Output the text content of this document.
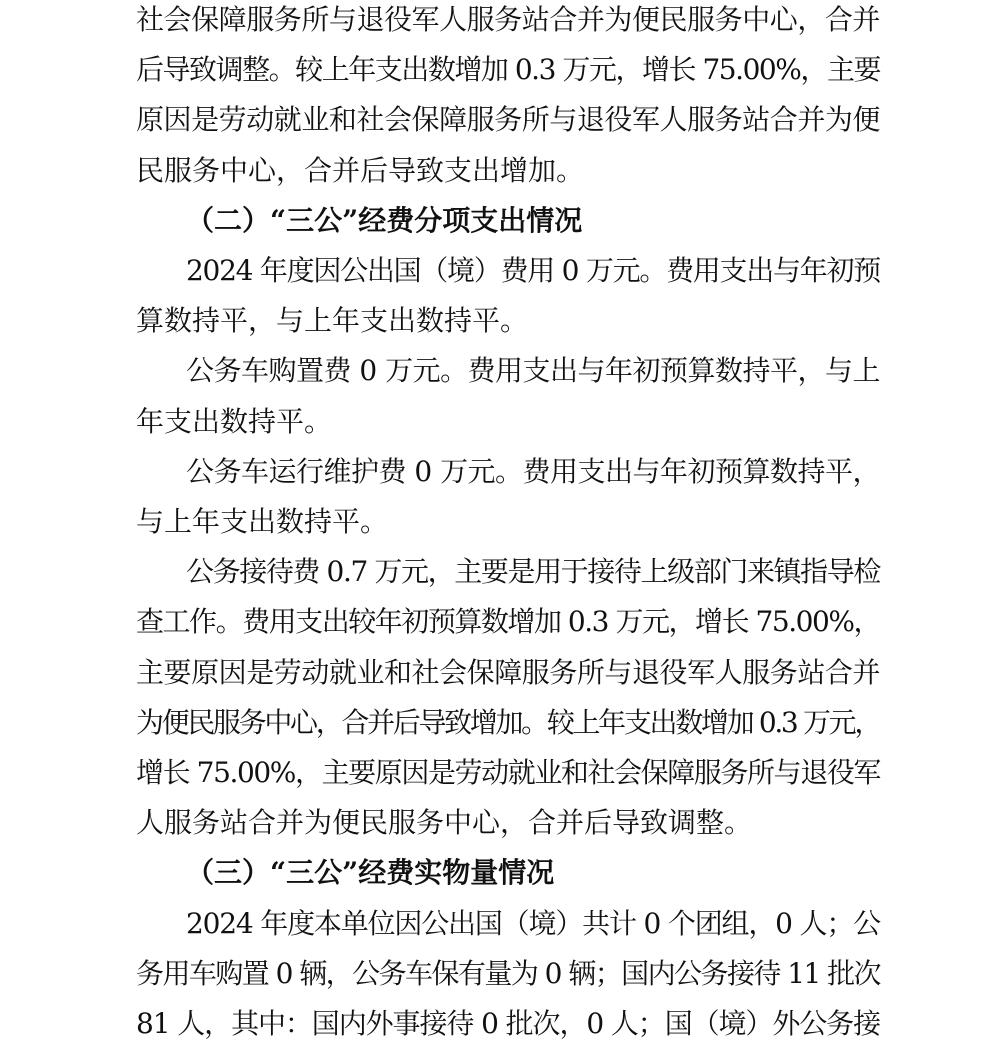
社会保障服务所与退役军人服务站合并为便民服务中心，合并
后导致调整。较上年支出数增加 0.3 万元，增长 75.00%，主要
原因是劳动就业和社会保障服务所与退役军人服务站合并为便
民服务中心，合并后导致支出增加。
（二）“三公”经费分项支出情况
2024 年度因公出国（境）费用 0 万元。费用支出与年初预
算数持平，与上年支出数持平。
公务车购置费 0 万元。费用支出与年初预算数持平，与上
年支出数持平。
公务车运行维护费 0 万元。费用支出与年初预算数持平，
与上年支出数持平。
公务接待费 0.7 万元，主要是用于接待上级部门来镇指导检
查工作。费用支出较年初预算数增加 0.3 万元，增长 75.00%，
主要原因是劳动就业和社会保障服务所与退役军人服务站合并
为便民服务中心，合并后导致增加。较上年支出数增加 0.3 万元，
增长 75.00%，主要原因是劳动就业和社会保障服务所与退役军
人服务站合并为便民服务中心，合并后导致调整。
（三）“三公”经费实物量情况
2024 年度本单位因公出国（境）共计 0 个团组，0 人；公
务用车购置 0 辆，公务车保有量为 0 辆；国内公务接待 11 批次
81 人，其中：国内外事接待 0 批次，0 人；国（境）外公务接
